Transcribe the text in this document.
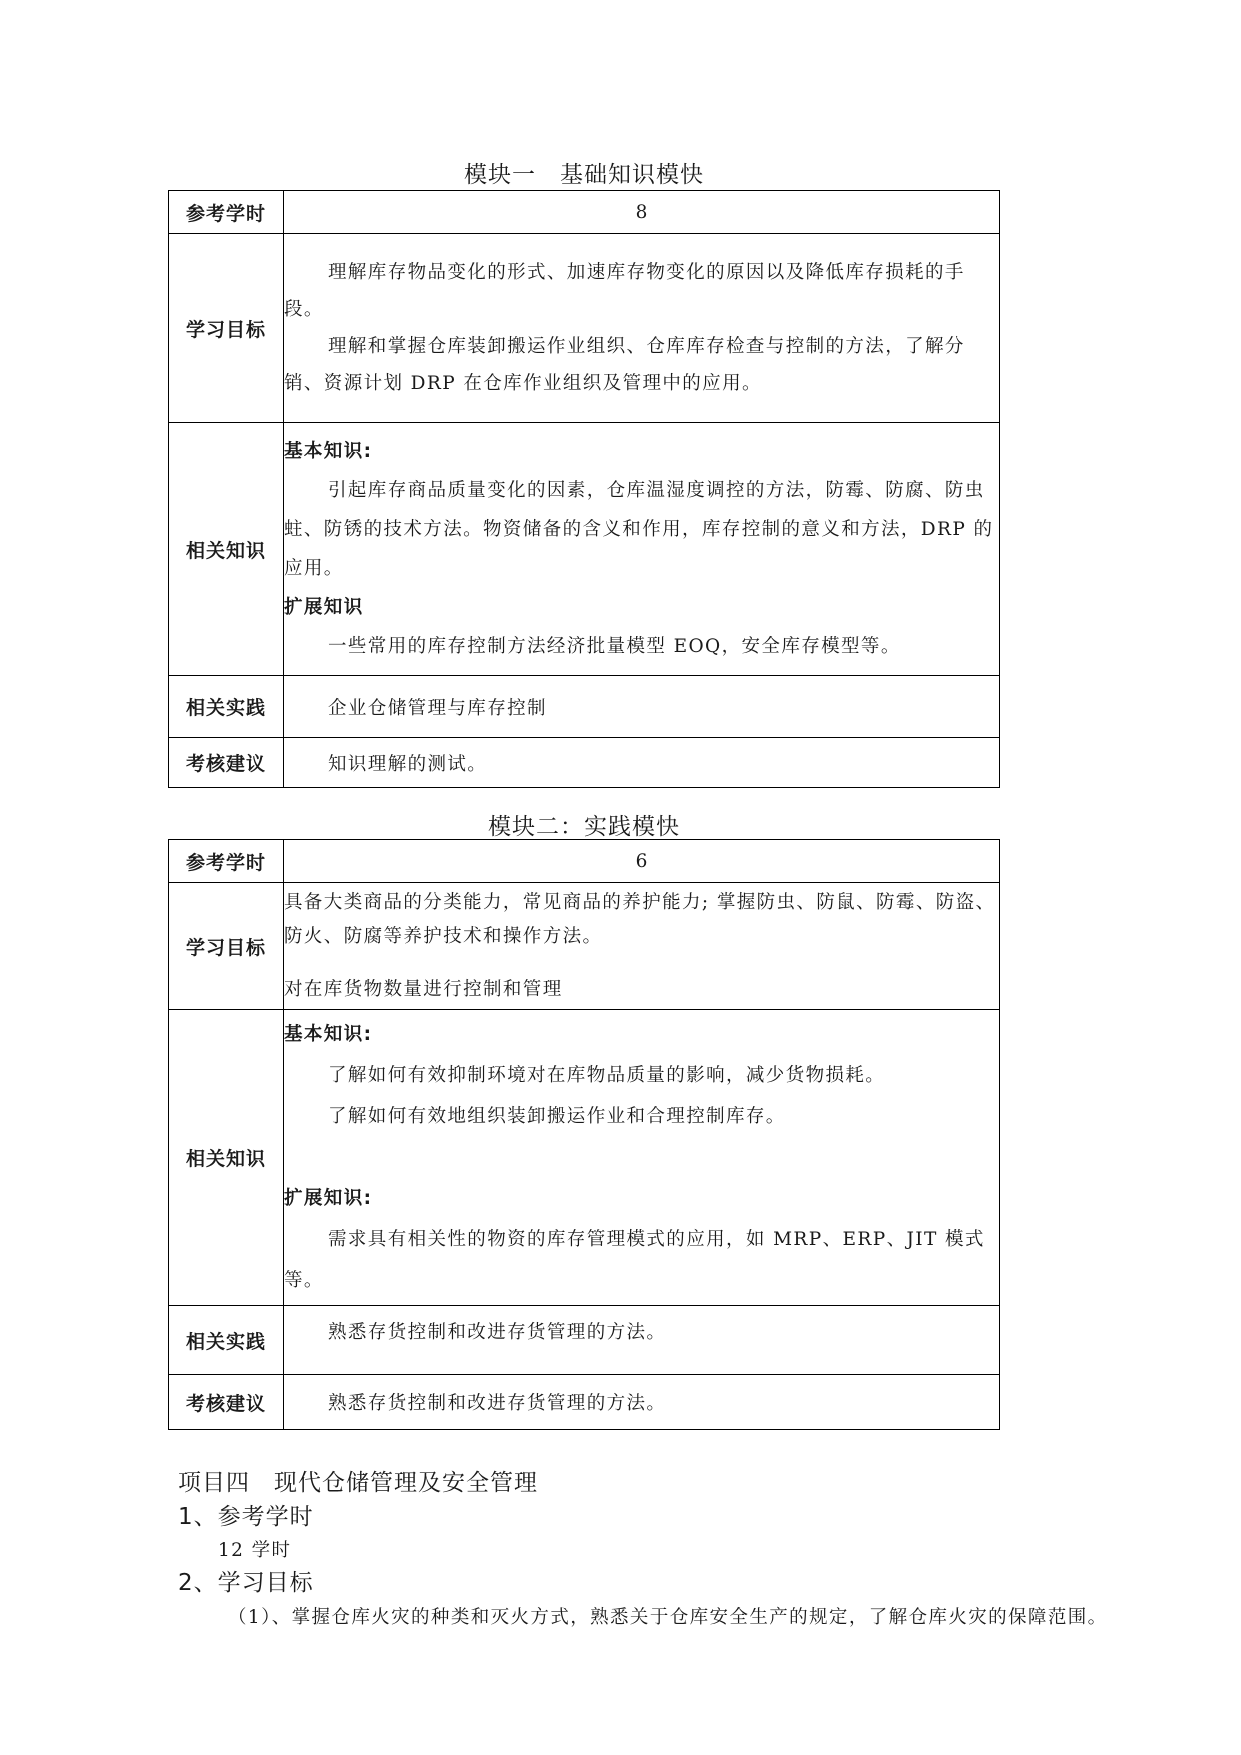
模块一　基础知识模快
参考学时	8
学习目标	理解库存物品变化的形式、加速库存物变化的原因以及降低库存损耗的手段。

理解和掌握仓库装卸搬运作业组织、仓库库存检查与控制的方法，了解分销、资源计划 DRP 在仓库作业组织及管理中的应用。

相关知识	基本知识:

引起库存商品质量变化的因素，仓库温湿度调控的方法，防霉、防腐、防虫蛀、防锈的技术方法。物资储备的含义和作用，库存控制的意义和方法，DRP 的应用。

扩展知识

一些常用的库存控制方法经济批量模型 EOQ，安全库存模型等。

相关实践	企业仓储管理与库存控制

考核建议	知识理解的测试。

模块二：实践模快
参考学时	6
学习目标	具备大类商品的分类能力，常见商品的养护能力; 掌握防虫、防鼠、防霉、防盗、防火、防腐等养护技术和操作方法。

对在库货物数量进行控制和管理

相关知识	基本知识:

了解如何有效抑制环境对在库物品质量的影响，减少货物损耗。

了解如何有效地组织装卸搬运作业和合理控制库存。

扩展知识:

需求具有相关性的物资的库存管理模式的应用，如 MRP、ERP、JIT 模式等。

相关实践	熟悉存货控制和改进存货管理的方法。

考核建议	熟悉存货控制和改进存货管理的方法。

项目四　现代仓储管理及安全管理
1、参考学时

12 学时

2、学习目标

（1）、掌握仓库火灾的种类和灭火方式，熟悉关于仓库安全生产的规定，了解仓库火灾的保障范围。
